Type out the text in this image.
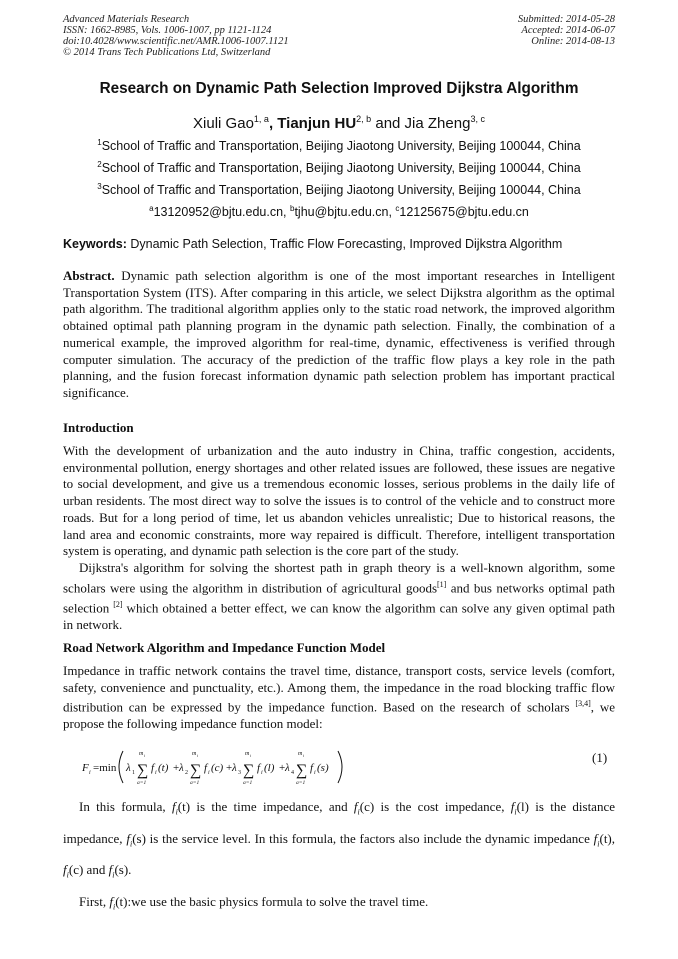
Advanced Materials Research
ISSN: 1662-8985, Vols. 1006-1007, pp 1121-1124
doi:10.4028/www.scientific.net/AMR.1006-1007.1121
© 2014 Trans Tech Publications Ltd, Switzerland
Submitted: 2014-05-28
Accepted: 2014-06-07
Online: 2014-08-13
Research on Dynamic Path Selection Improved Dijkstra Algorithm
Xiuli Gao$^{1, a}$, Tianjun HU$^{2, b}$ and Jia Zheng$^{3, c}$
$^1$School of Traffic and Transportation, Beijing Jiaotong University, Beijing 100044, China
$^2$School of Traffic and Transportation, Beijing Jiaotong University, Beijing 100044, China
$^3$School of Traffic and Transportation, Beijing Jiaotong University, Beijing 100044, China
$^a$13120952@bjtu.edu.cn, $^b$tjhu@bjtu.edu.cn, $^c$12125675@bjtu.edu.cn
Keywords: Dynamic Path Selection, Traffic Flow Forecasting, Improved Dijkstra Algorithm

Abstract. Dynamic path selection algorithm is one of the most important researches in Intelligent Transportation System (ITS). After comparing in this article, we select Dijkstra algorithm as the optimal path algorithm. The traditional algorithm applies only to the static road network, the improved algorithm obtained optimal path planning program in the dynamic path selection. Finally, the combination of a numerical example, the improved algorithm for real-time, dynamic, effectiveness is verified through computer simulation. The accuracy of the prediction of the traffic flow plays a key role in the path planning, and the fusion forecast information dynamic path selection problem has important practical significance.

Introduction

With the development of urbanization and the auto industry in China, traffic congestion, accidents, environmental pollution, energy shortages and other related issues are followed, these issues are negative to social development, and give us a tremendous economic losses, serious problems in the daily life of urban residents. The most direct way to solve the issues is to control of the vehicle and to construct more roads. But for a long period of time, let us abandon vehicles unrealistic; Due to historical reasons, the land area and economic constraints, more way repaired is difficult. Therefore, intelligent transportation system is operating, and dynamic path selection is the core part of the study.

Dijkstra's algorithm for solving the shortest path in graph theory is a well-known algorithm, some scholars were using the algorithm in distribution of agricultural goods[1] and bus networks optimal path selection [2] which obtained a better effect, we can know the algorithm can solve any given optimal path in network.

Road Network Algorithm and Impedance Function Model

Impedance in traffic network contains the travel time, distance, transport costs, service levels (comfort, safety, convenience and punctuality, etc.). Among them, the impedance in the road blocking traffic flow distribution can be expressed by the impedance function. Based on the research of scholars [3,4], we propose the following impedance function model:

F i =min λ 1 ∑
m i
a=1
f i (t) + λ 2 ∑
m i
a=1
f i (c) + λ 3 ∑
m i
a=1
f i (l) + λ 4 ∑
m i
a=1
f i (s)
(1)

In this formula, $f_i(t)$ is the time impedance, and $f_i(c)$ is the cost impedance, $f_i(l)$ is the distance impedance, $f_i(s)$ is the service level. In this formula, the factors also include the dynamic impedance $f_i(t)$, $f_i(c)$ and $f_i(s)$.

First, $f_i(t):we$ use the basic physics formula to solve the travel time.
